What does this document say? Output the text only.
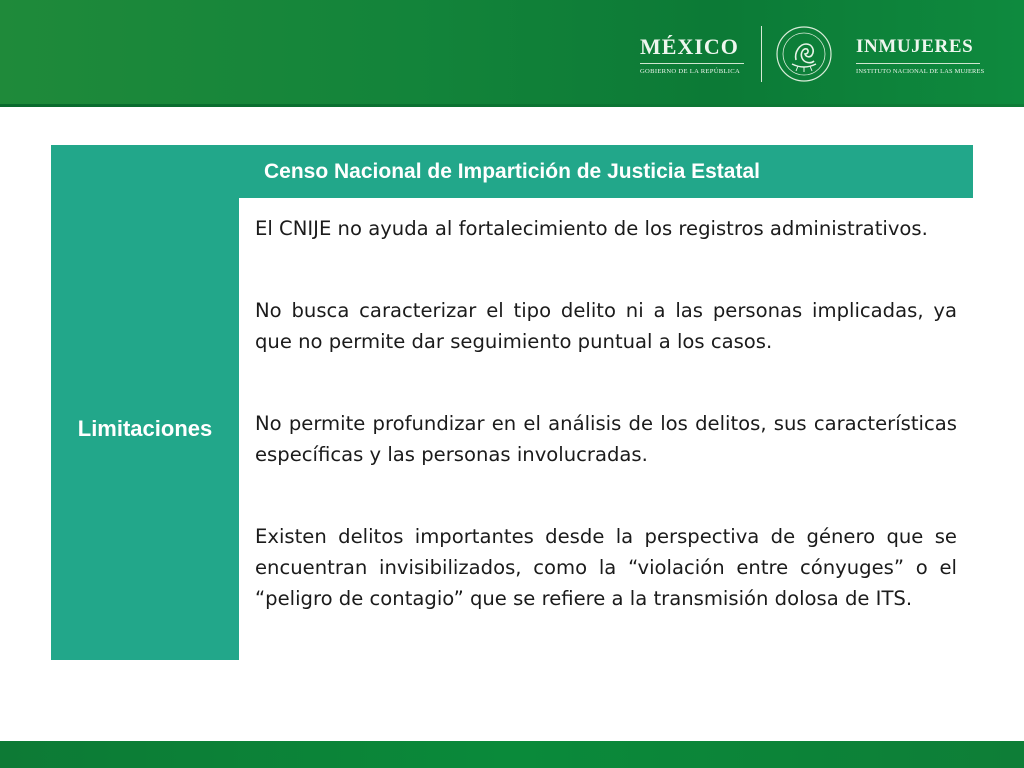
MÉXICO
GOBIERNO DE LA REPÚBLICA
INMUJERES
INSTITUTO NACIONAL DE LAS MUJERES
Censo Nacional de Impartición de Justicia Estatal
Limitaciones

El CNIJE no ayuda al fortalecimiento de los registros administrativos.

No busca caracterizar el tipo delito ni a las personas implicadas, ya que no permite dar seguimiento puntual a los casos.

No permite profundizar en el análisis de los delitos, sus características específicas y las personas involucradas.

Existen delitos importantes desde la perspectiva de género que se encuentran invisibilizados, como la “violación entre cónyuges” o el “peligro de contagio” que se refiere a la transmisión dolosa de ITS.
